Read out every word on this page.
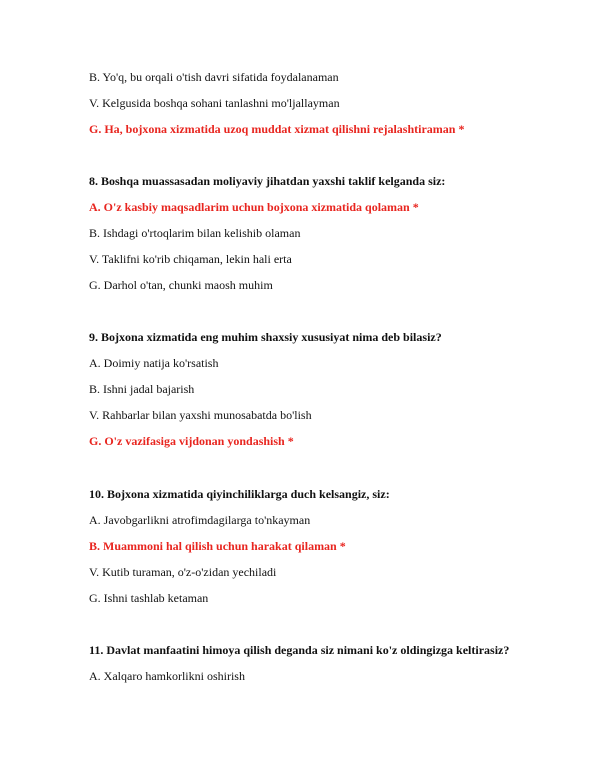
B. Yo'q, bu orqali o'tish davri sifatida foydalanaman
V. Kelgusida boshqa sohani tanlashni mo'ljallayman
G. Ha, bojxona xizmatida uzoq muddat xizmat qilishni rejalashtiraman *
8. Boshqa muassasadan moliyaviy jihatdan yaxshi taklif kelganda siz:
A. O'z kasbiy maqsadlarim uchun bojxona xizmatida qolaman *
B. Ishdagi o'rtoqlarim bilan kelishib olaman
V. Taklifni ko'rib chiqaman, lekin hali erta
G. Darhol o'tan, chunki maosh muhim
9. Bojxona xizmatida eng muhim shaxsiy xususiyat nima deb bilasiz?
A. Doimiy natija ko'rsatish
B. Ishni jadal bajarish
V. Rahbarlar bilan yaxshi munosabatda bo'lish
G. O'z vazifasiga vijdonan yondashish *
10. Bojxona xizmatida qiyinchiliklarga duch kelsangiz, siz:
A. Javobgarlikni atrofimdagilarga to'nkayman
B. Muammoni hal qilish uchun harakat qilaman *
V. Kutib turaman, o'z-o'zidan yechiladi
G. Ishni tashlab ketaman
11. Davlat manfaatini himoya qilish deganda siz nimani ko'z oldingizga keltirasiz?
A. Xalqaro hamkorlikni oshirish
